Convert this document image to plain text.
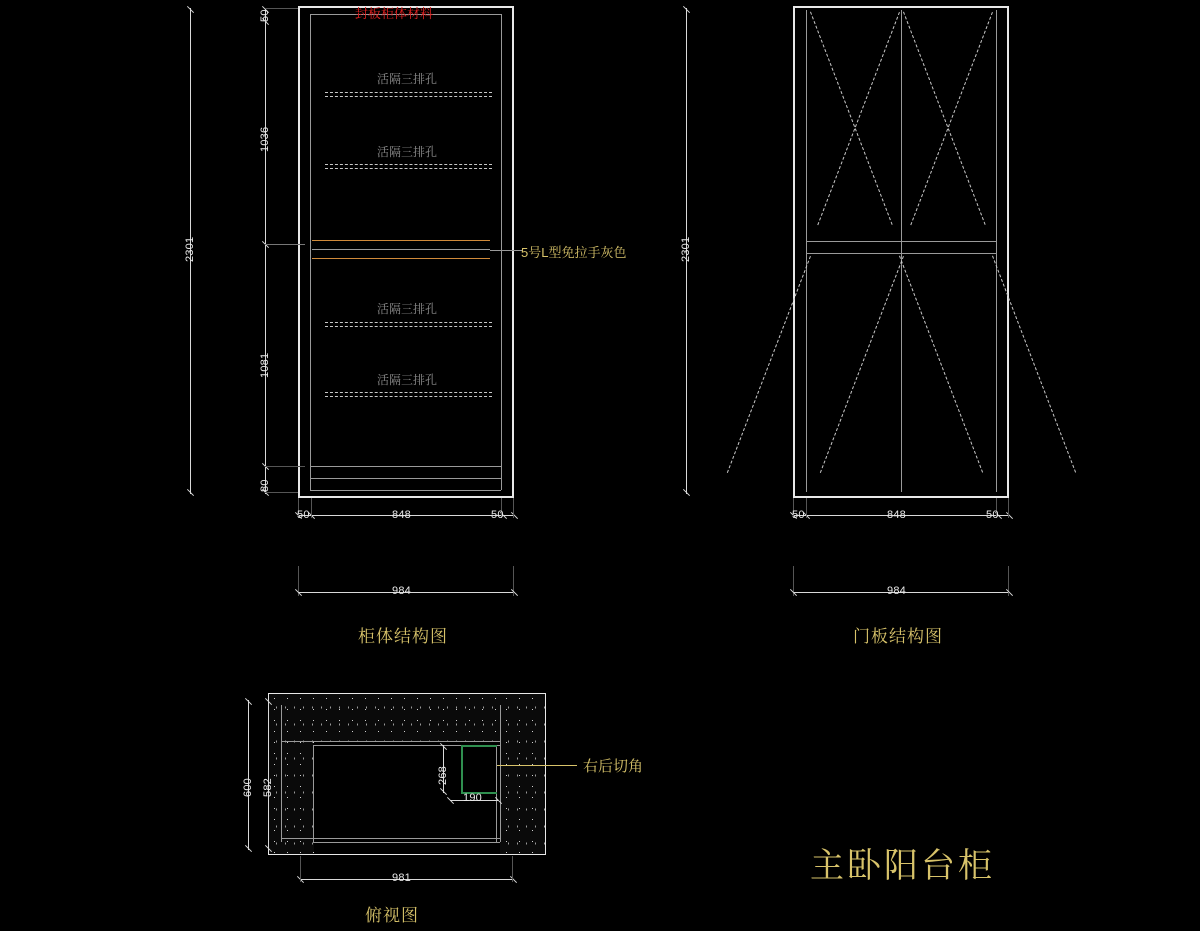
活隔三排孔
活隔三排孔
活隔三排孔
活隔三排孔
5号L型免拉手灰色
封板柜体材料
2301
50
1036
1081
80
50	848	50
984
柜体结构图
2301
50	848	50
984
门板结构图
右后切角
600 582
268
190
981
俯视图
主卧阳台柜
